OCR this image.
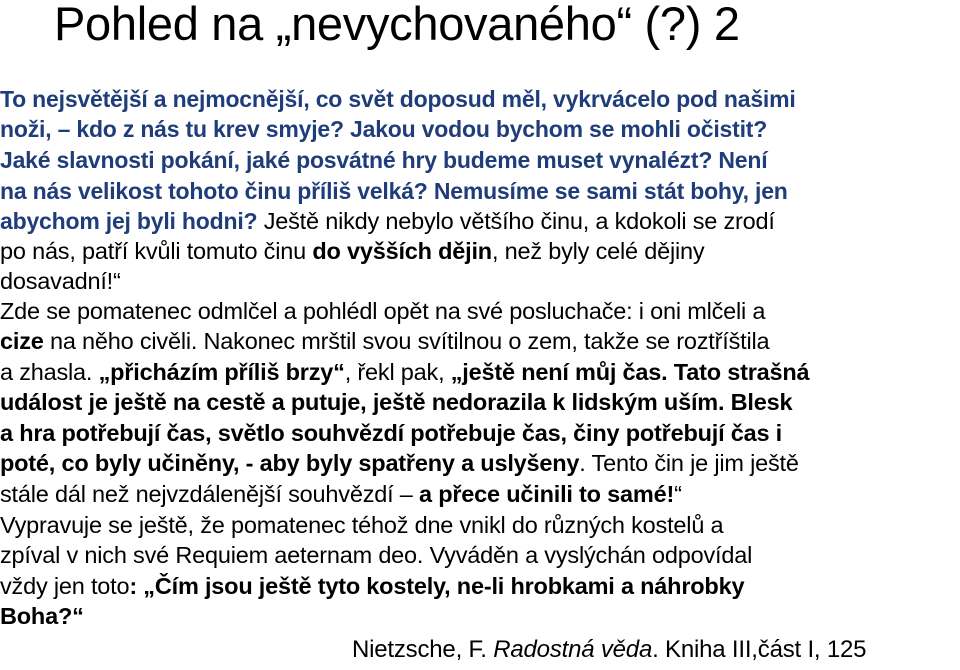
Pohled na „nevychovaného“ (?) 2
To nejsvětější a nejmocnější, co svět doposud měl, vykrvácelo pod našimi
noži, – kdo z nás tu krev smyje? Jakou vodou bychom se mohli očistit?
Jaké slavnosti pokání, jaké posvátné hry budeme muset vynalézt? Není
na nás velikost tohoto činu příliš velká? Nemusíme se sami stát bohy, jen
abychom jej byli hodni? Ještě nikdy nebylo většího činu, a kdokoli se zrodí
po nás, patří kvůli tomuto činu do vyšších dějin, než byly celé dějiny
dosavadní!“
Zde se pomatenec odmlčel a pohlédl opět na své posluchače: i oni mlčeli a
cize na něho civěli. Nakonec mrštil svou svítilnou o zem, takže se roztříštila
a zhasla. „přicházím příliš brzy“, řekl pak, „ještě není můj čas. Tato strašná
událost je ještě na cestě a putuje, ještě nedorazila k lidským uším. Blesk
a hra potřebují čas, světlo souhvězdí potřebuje čas, činy potřebují čas i
poté, co byly učiněny, - aby byly spatřeny a uslyšeny. Tento čin je jim ještě
stále dál než nejvzdálenější souhvězdí – a přece učinili to samé!“
Vypravuje se ještě, že pomatenec téhož dne vnikl do různých kostelů a
zpíval v nich své Requiem aeternam deo. Vyváděn a vyslýchán odpovídal
vždy jen toto: „Čím jsou ještě tyto kostely, ne-li hrobkami a náhrobky
Boha?“
Nietzsche, F. Radostná věda. Kniha III,část I, 125
